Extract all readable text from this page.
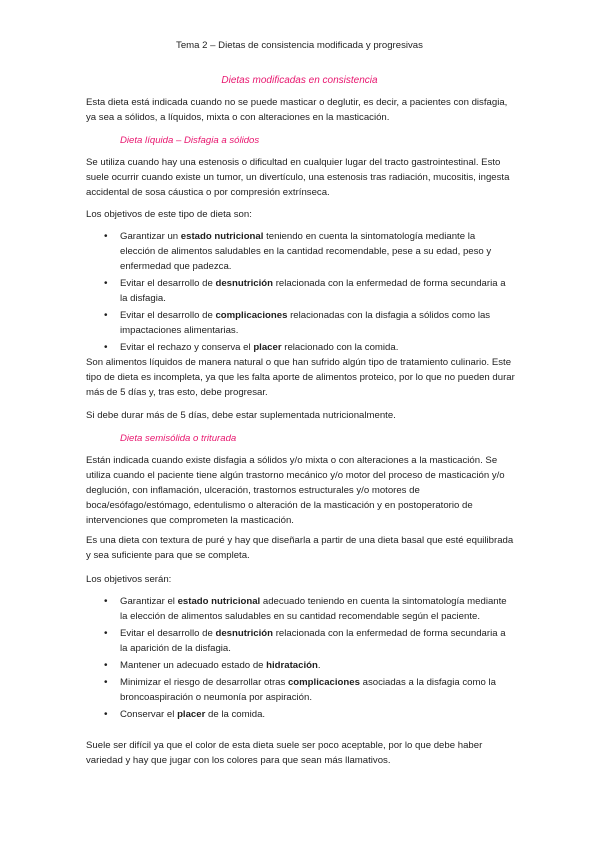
Tema 2 – Dietas de consistencia modificada y progresivas
Dietas modificadas en consistencia

Esta dieta está indicada cuando no se puede masticar o deglutir, es decir, a pacientes con disfagia, ya sea a sólidos, a líquidos, mixta o con alteraciones en la masticación.

Dieta líquida – Disfagia a sólidos

Se utiliza cuando hay una estenosis o dificultad en cualquier lugar del tracto gastrointestinal. Esto suele ocurrir cuando existe un tumor, un divertículo, una estenosis tras radiación, mucositis, ingesta accidental de sosa cáustica o por compresión extrínseca.

Los objetivos de este tipo de dieta son:

• Garantizar un estado nutricional teniendo en cuenta la sintomatología mediante la elección de alimentos saludables en la cantidad recomendable, pese a su edad, peso y enfermedad que padezca.
• Evitar el desarrollo de desnutrición relacionada con la enfermedad de forma secundaria a la disfagia.
• Evitar el desarrollo de complicaciones relacionadas con la disfagia a sólidos como las impactaciones alimentarias.
• Evitar el rechazo y conserva el placer relacionado con la comida.

Son alimentos líquidos de manera natural o que han sufrido algún tipo de tratamiento culinario. Este tipo de dieta es incompleta, ya que les falta aporte de alimentos proteico, por lo que no pueden durar más de 5 días y, tras esto, debe progresar.

Si debe durar más de 5 días, debe estar suplementada nutricionalmente.

Dieta semisólida o triturada

Están indicada cuando existe disfagia a sólidos y/o mixta o con alteraciones a la masticación. Se utiliza cuando el paciente tiene algún trastorno mecánico y/o motor del proceso de masticación y/o deglución, con inflamación, ulceración, trastornos estructurales y/o motores de boca/esófago/estómago, edentulismo o alteración de la masticación y en postoperatorio de intervenciones que comprometen la masticación.

Es una dieta con textura de puré y hay que diseñarla a partir de una dieta basal que esté equilibrada y sea suficiente para que se completa.

Los objetivos serán:

• Garantizar el estado nutricional adecuado teniendo en cuenta la sintomatología mediante la elección de alimentos saludables en su cantidad recomendable según el paciente.
• Evitar el desarrollo de desnutrición relacionada con la enfermedad de forma secundaria a la aparición de la disfagia.
• Mantener un adecuado estado de hidratación.
• Minimizar el riesgo de desarrollar otras complicaciones asociadas a la disfagia como la broncoaspiración o neumonía por aspiración.
• Conservar el placer de la comida.

Suele ser difícil ya que el color de esta dieta suele ser poco aceptable, por lo que debe haber variedad y hay que jugar con los colores para que sean más llamativos.
